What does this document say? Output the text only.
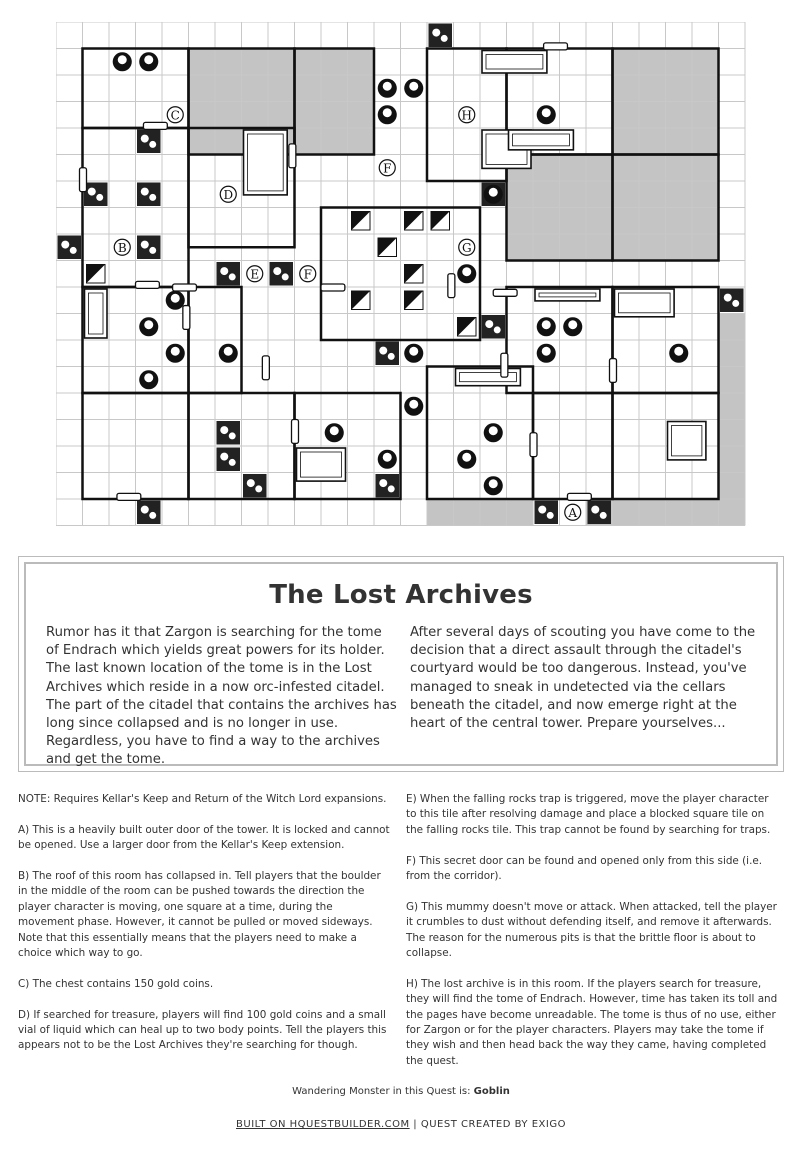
A
B
C
D
E
F
F
G
H
The Lost Archives
Rumor has it that Zargon is searching for the tome of Endrach which yields great powers for its holder. The last known location of the tome is in the Lost Archives which reside in a now orc-infested citadel. The part of the citadel that contains the archives has long since collapsed and is no longer in use. Regardless, you have to find a way to the archives and get the tome.
After several days of scouting you have come to the decision that a direct assault through the citadel's courtyard would be too dangerous. Instead, you've managed to sneak in undetected via the cellars beneath the citadel, and now emerge right at the heart of the central tower. Prepare yourselves...

NOTE: Requires Kellar's Keep and Return of the Witch Lord expansions.

A) This is a heavily built outer door of the tower. It is locked and cannot be opened. Use a larger door from the Kellar's Keep extension.

B) The roof of this room has collapsed in. Tell players that the boulder in the middle of the room can be pushed towards the direction the player character is moving, one square at a time, during the movement phase. However, it cannot be pulled or moved sideways. Note that this essentially means that the players need to make a choice which way to go.

C) The chest contains 150 gold coins.

D) If searched for treasure, players will find 100 gold coins and a small vial of liquid which can heal up to two body points. Tell the players this appears not to be the Lost Archives they're searching for though.

E) When the falling rocks trap is triggered, move the player character to this tile after resolving damage and place a blocked square tile on the falling rocks tile. This trap cannot be found by searching for traps.

F) This secret door can be found and opened only from this side (i.e. from the corridor).

G) This mummy doesn't move or attack. When attacked, tell the player it crumbles to dust without defending itself, and remove it afterwards. The reason for the numerous pits is that the brittle floor is about to collapse.

H) The lost archive is in this room. If the players search for treasure, they will find the tome of Endrach. However, time has taken its toll and the pages have become unreadable. The tome is thus of no use, either for Zargon or for the player characters. Players may take the tome if they wish and then head back the way they came, having completed the quest.

Wandering Monster in this Quest is: Goblin
BUILT ON HQUESTBUILDER.COM | QUEST CREATED BY EXIGO
